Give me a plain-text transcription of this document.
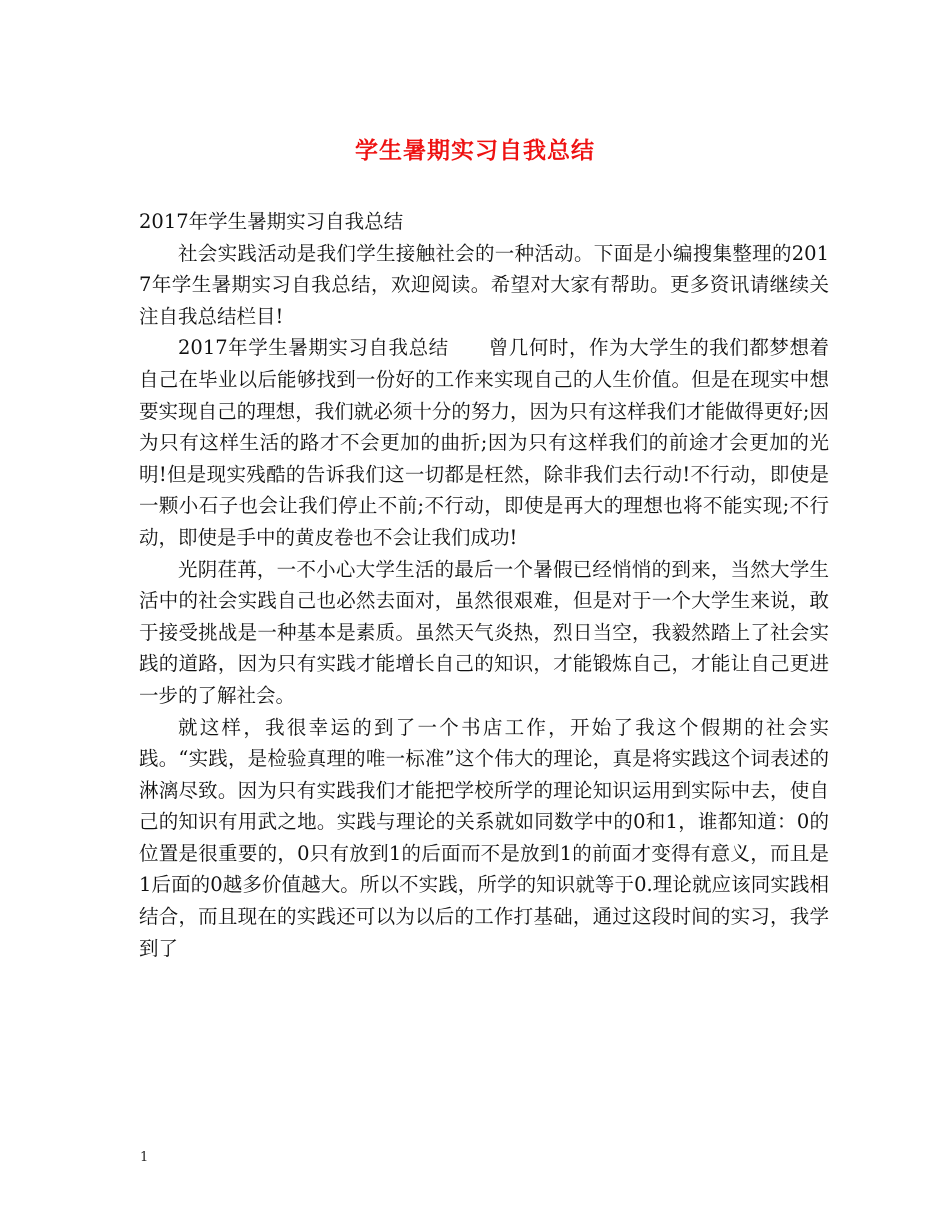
学生暑期实习自我总结

2017年学生暑期实习自我总结

社会实践活动是我们学生接触社会的一种活动。下面是小编搜集整理的2017年学生暑期实习自我总结，欢迎阅读。希望对大家有帮助。更多资讯请继续关注自我总结栏目!

2017年学生暑期实习自我总结　　曾几何时，作为大学生的我们都梦想着自己在毕业以后能够找到一份好的工作来实现自己的人生价值。但是在现实中想要实现自己的理想，我们就必须十分的努力，因为只有这样我们才能做得更好;因为只有这样生活的路才不会更加的曲折;因为只有这样我们的前途才会更加的光明!但是现实残酷的告诉我们这一切都是枉然，除非我们去行动!不行动，即使是一颗小石子也会让我们停止不前;不行动，即使是再大的理想也将不能实现;不行动，即使是手中的黄皮卷也不会让我们成功!

光阴荏苒，一不小心大学生活的最后一个暑假已经悄悄的到来，当然大学生活中的社会实践自己也必然去面对，虽然很艰难，但是对于一个大学生来说，敢于接受挑战是一种基本是素质。虽然天气炎热，烈日当空，我毅然踏上了社会实践的道路，因为只有实践才能增长自己的知识，才能锻炼自己，才能让自己更进一步的了解社会。

就这样，我很幸运的到了一个书店工作，开始了我这个假期的社会实践。“实践，是检验真理的唯一标准”这个伟大的理论，真是将实践这个词表述的淋漓尽致。因为只有实践我们才能把学校所学的理论知识运用到实际中去，使自己的知识有用武之地。实践与理论的关系就如同数学中的0和1，谁都知道：0的位置是很重要的，0只有放到1的后面而不是放到1的前面才变得有意义，而且是1后面的0越多价值越大。所以不实践，所学的知识就等于0.理论就应该同实践相结合，而且现在的实践还可以为以后的工作打基础，通过这段时间的实习，我学到了

1
